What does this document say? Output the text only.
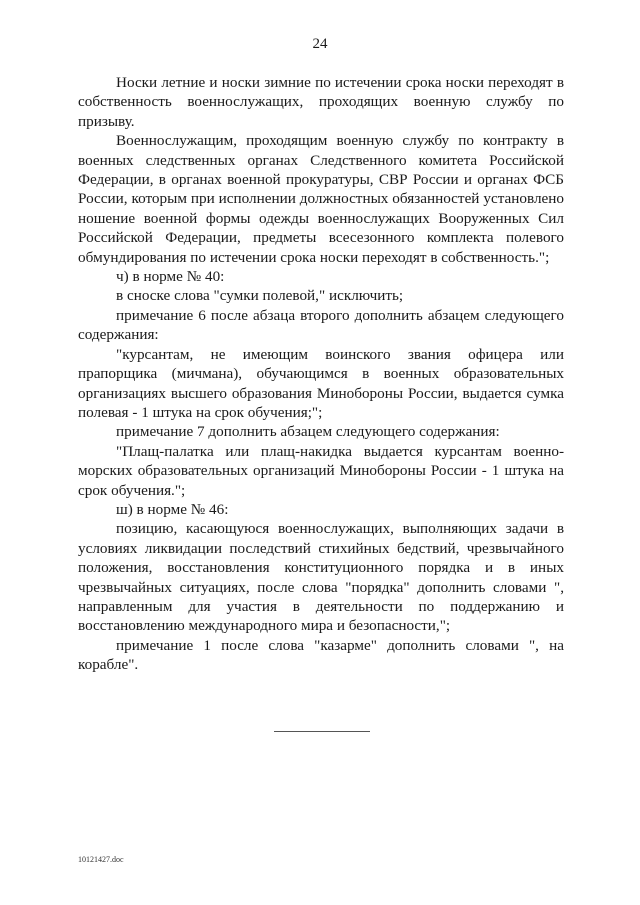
24

Носки летние и носки зимние по истечении срока носки переходят в собственность военнослужащих, проходящих военную службу по призыву.

Военнослужащим, проходящим военную службу по контракту в военных следственных органах Следственного комитета Российской Федерации, в органах военной прокуратуры, СВР России и органах ФСБ России, которым при исполнении должностных обязанностей установлено ношение военной формы одежды военнослужащих Вооруженных Сил Российской Федерации, предметы всесезонного комплекта полевого обмундирования по истечении срока носки переходят в собственность.";

ч) в норме № 40:

в сноске слова "сумки полевой," исключить;

примечание 6 после абзаца второго дополнить абзацем следующего содержания:

"курсантам, не имеющим воинского звания офицера или прапорщика (мичмана), обучающимся в военных образовательных организациях высшего образования Минобороны России, выдается сумка полевая - 1 штука на срок обучения;";

примечание 7 дополнить абзацем следующего содержания:

"Плащ-палатка или плащ-накидка выдается курсантам военно-морских образовательных организаций Минобороны России - 1 штука на срок обучения.";

ш) в норме № 46:

позицию, касающуюся военнослужащих, выполняющих задачи в условиях ликвидации последствий стихийных бедствий, чрезвычайного положения, восстановления конституционного порядка и в иных чрезвычайных ситуациях, после слова "порядка" дополнить словами ", направленным для участия в деятельности по поддержанию и восстановлению международного мира и безопасности,";

примечание 1 после слова "казарме" дополнить словами ", на корабле".

10121427.doc
